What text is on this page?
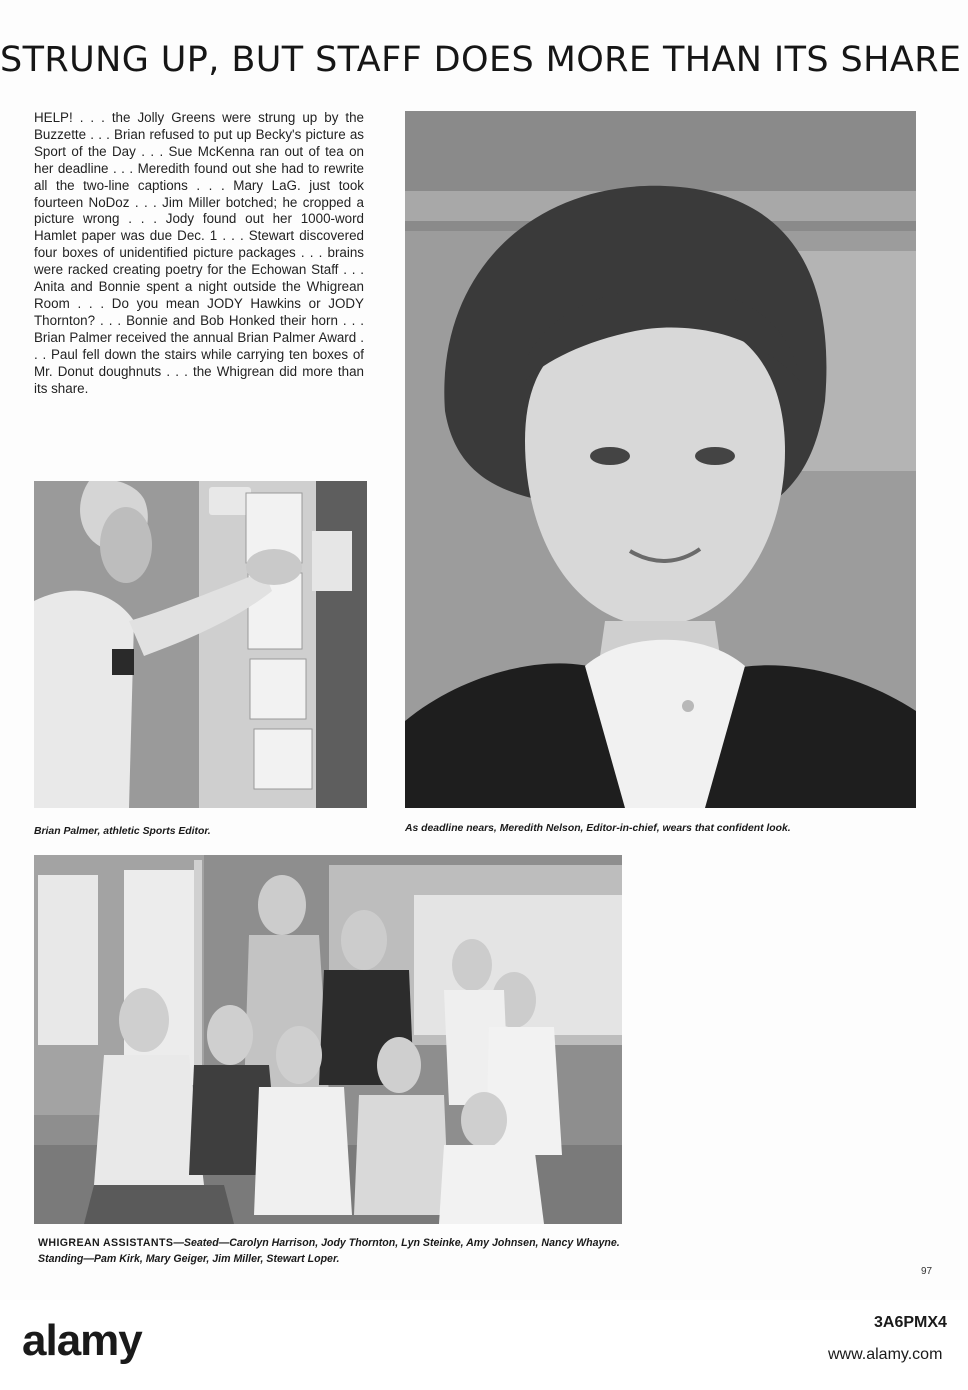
STRUNG UP, BUT STAFF DOES MORE THAN ITS SHARE

HELP! . . . the Jolly Greens were strung up by the Buzzette . . . Brian refused to put up Becky's picture as Sport of the Day . . . Sue McKenna ran out of tea on her deadline . . . Meredith found out she had to rewrite all the two-line captions . . . Mary LaG. just took fourteen NoDoz . . . Jim Miller botched; he cropped a picture wrong . . . Jody found out her 1000-word Hamlet paper was due Dec. 1 . . . Stewart discovered four boxes of unidentified picture packages . . . brains were racked creating poetry for the Echowan Staff . . . Anita and Bonnie spent a night outside the Whigrean Room . . . Do you mean JODY Hawkins or JODY Thornton? . . . Bonnie and Bob Honked their horn . . . Brian Palmer received the annual Brian Palmer Award . . . Paul fell down the stairs while carrying ten boxes of Mr. Donut doughnuts . . . the Whigrean did more than its share.

Brian Palmer, athletic Sports Editor.	As deadline nears, Meredith Nelson, Editor-in-chief, wears that confident look.

WHIGREAN ASSISTANTS—Seated—Carolyn Harrison, Jody Thornton, Lyn Steinke, Amy Johnsen, Nancy Whayne. Standing—Pam Kirk, Mary Geiger, Jim Miller, Stewart Loper.

97
alamy	3A6PMX4
www.alamy.com
